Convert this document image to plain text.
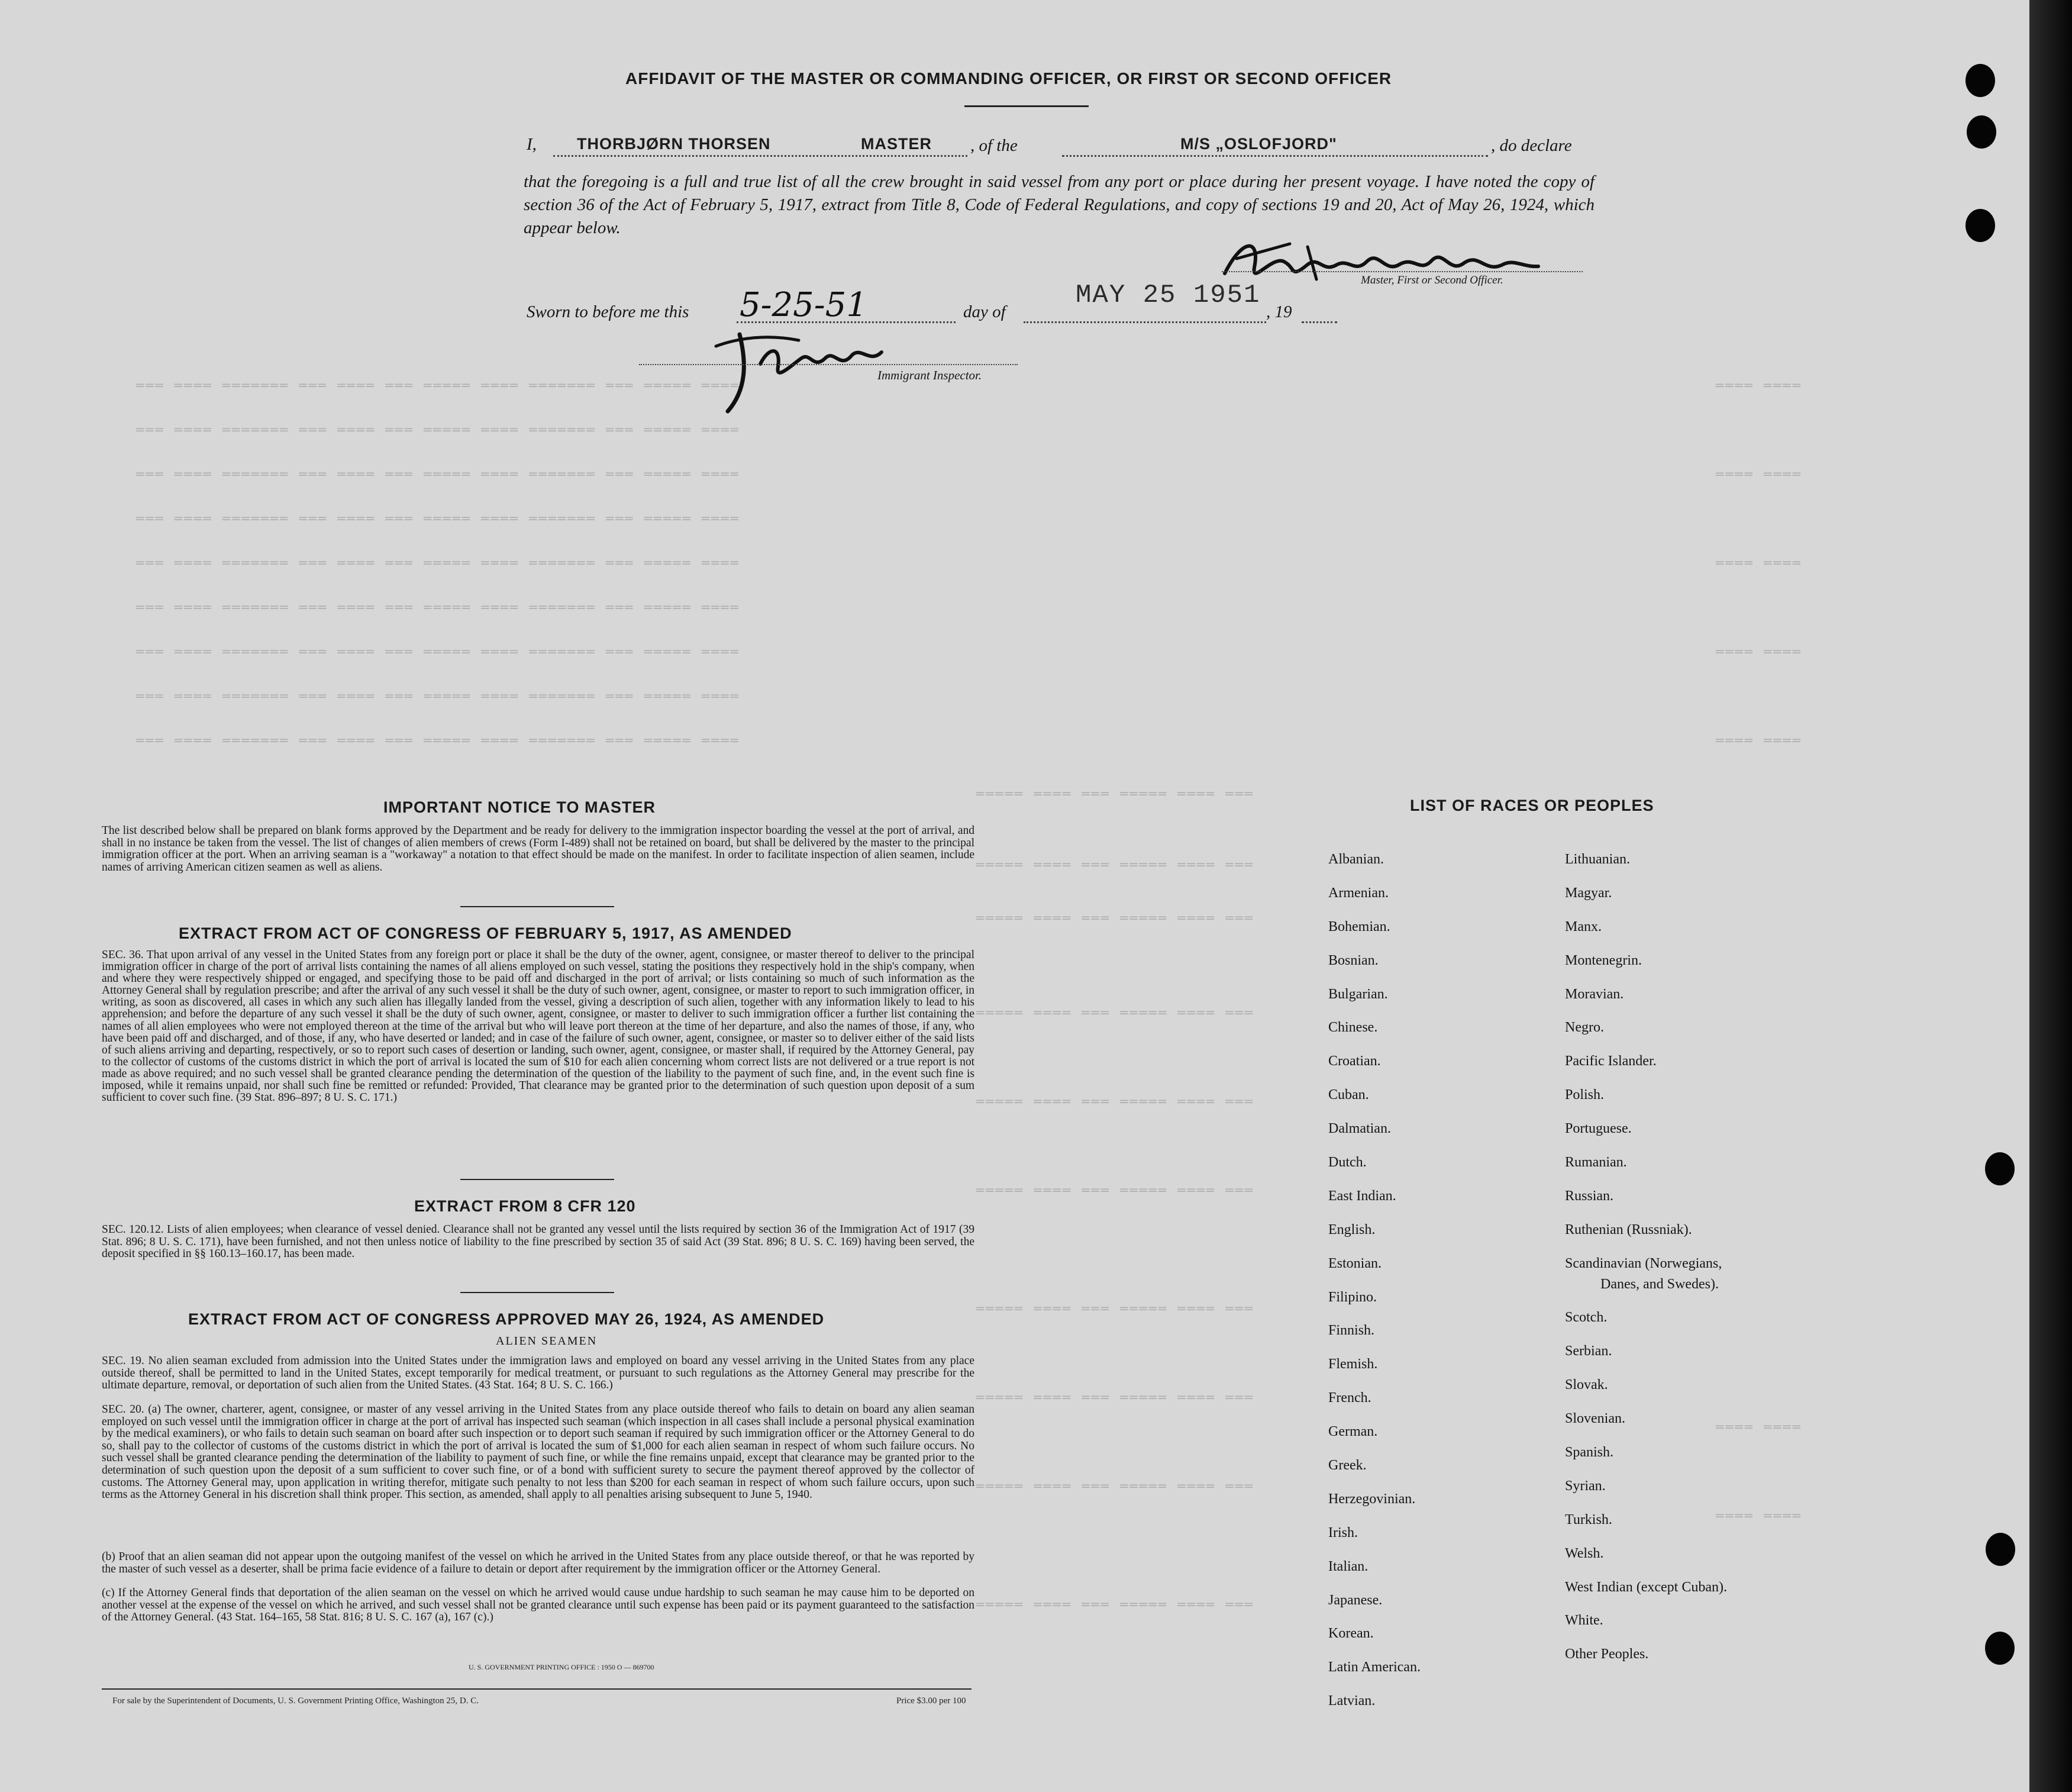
═══ ════ ═══════ ═══ ════ ═══ ═════ ════ ═══════ ═══ ═════ ════
═══ ════ ═══════ ═══ ════ ═══ ═════ ════ ═══════ ═══ ═════ ════
═══ ════ ═══════ ═══ ════ ═══ ═════ ════ ═══════ ═══ ═════ ════
═══ ════ ═══════ ═══ ════ ═══ ═════ ════ ═══════ ═══ ═════ ════
═══ ════ ═══════ ═══ ════ ═══ ═════ ════ ═══════ ═══ ═════ ════
═══ ════ ═══════ ═══ ════ ═══ ═════ ════ ═══════ ═══ ═════ ════
═══ ════ ═══════ ═══ ════ ═══ ═════ ════ ═══════ ═══ ═════ ════
═══ ════ ═══════ ═══ ════ ═══ ═════ ════ ═══════ ═══ ═════ ════
═══ ════ ═══════ ═══ ════ ═══ ═════ ════ ═══════ ═══ ═════ ════
═════ ════ ═══ ═════ ════ ═══
═════ ════ ═══ ═════ ════ ═══
═════ ════ ═══ ═════ ════ ═══
═════ ════ ═══ ═════ ════ ═══
═════ ════ ═══ ═════ ════ ═══
═════ ════ ═══ ═════ ════ ═══
═════ ════ ═══ ═════ ════ ═══
═════ ════ ═══ ═════ ════ ═══
═════ ════ ═══ ═════ ════ ═══
═════ ════ ═══ ═════ ════ ═══
════ ════
════ ════
════ ════
════ ════
════ ════
════ ════
════ ════
AFFIDAVIT OF THE MASTER OR COMMANDING OFFICER, OR FIRST OR SECOND OFFICER
I,	THORBJØRN THORSEN	MASTER , of the	M/S „OSLOFJORD"	, do declare
that the foregoing is a full and true list of all the crew brought in said vessel from any port or place during her present voyage. I have noted the copy of section 36 of the Act of February 5, 1917, extract from Title 8, Code of Federal Regulations, and copy of sections 19 and 20, Act of May 26, 1924, which appear below.
Master, First or Second Officer.
Sworn to before me this 5-25-51	day of
MAY 25 1951
, 19
Immigrant Inspector.
IMPORTANT NOTICE TO MASTER
The list described below shall be prepared on blank forms approved by the Department and be ready for delivery to the immigration inspector boarding the vessel at the port of arrival, and shall in no instance be taken from the vessel. The list of changes of alien members of crews (Form I-489) shall not be retained on board, but shall be delivered by the master to the principal immigration officer at the port. When an arriving seaman is a "workaway" a notation to that effect should be made on the manifest. In order to facilitate inspection of alien seamen, include names of arriving American citizen seamen as well as aliens.
EXTRACT FROM ACT OF CONGRESS OF FEBRUARY 5, 1917, AS AMENDED
SEC. 36. That upon arrival of any vessel in the United States from any foreign port or place it shall be the duty of the owner, agent, consignee, or master thereof to deliver to the principal immigration officer in charge of the port of arrival lists containing the names of all aliens employed on such vessel, stating the positions they respectively hold in the ship's company, when and where they were respectively shipped or engaged, and specifying those to be paid off and discharged in the port of arrival; or lists containing so much of such information as the Attorney General shall by regulation prescribe; and after the arrival of any such vessel it shall be the duty of such owner, agent, consignee, or master to report to such immigration officer, in writing, as soon as discovered, all cases in which any such alien has illegally landed from the vessel, giving a description of such alien, together with any information likely to lead to his apprehension; and before the departure of any such vessel it shall be the duty of such owner, agent, consignee, or master to deliver to such immigration officer a further list containing the names of all alien employees who were not employed thereon at the time of the arrival but who will leave port thereon at the time of her departure, and also the names of those, if any, who have been paid off and discharged, and of those, if any, who have deserted or landed; and in case of the failure of such owner, agent, consignee, or master so to deliver either of the said lists of such aliens arriving and departing, respectively, or so to report such cases of desertion or landing, such owner, agent, consignee, or master shall, if required by the Attorney General, pay to the collector of customs of the customs district in which the port of arrival is located the sum of $10 for each alien concerning whom correct lists are not delivered or a true report is not made as above required; and no such vessel shall be granted clearance pending the determination of the question of the liability to the payment of such fine, and, in the event such fine is imposed, while it remains unpaid, nor shall such fine be remitted or refunded: Provided, That clearance may be granted prior to the determination of such question upon deposit of a sum sufficient to cover such fine. (39 Stat. 896–897; 8 U. S. C. 171.)
EXTRACT FROM 8 CFR 120
SEC. 120.12. Lists of alien employees; when clearance of vessel denied. Clearance shall not be granted any vessel until the lists required by section 36 of the Immigration Act of 1917 (39 Stat. 896; 8 U. S. C. 171), have been furnished, and not then unless notice of liability to the fine prescribed by section 35 of said Act (39 Stat. 896; 8 U. S. C. 169) having been served, the deposit specified in §§ 160.13–160.17, has been made.
EXTRACT FROM ACT OF CONGRESS APPROVED MAY 26, 1924, AS AMENDED
ALIEN SEAMEN
SEC. 19. No alien seaman excluded from admission into the United States under the immigration laws and employed on board any vessel arriving in the United States from any place outside thereof, shall be permitted to land in the United States, except temporarily for medical treatment, or pursuant to such regulations as the Attorney General may prescribe for the ultimate departure, removal, or deportation of such alien from the United States. (43 Stat. 164; 8 U. S. C. 166.)
SEC. 20. (a) The owner, charterer, agent, consignee, or master of any vessel arriving in the United States from any place outside thereof who fails to detain on board any alien seaman employed on such vessel until the immigration officer in charge at the port of arrival has inspected such seaman (which inspection in all cases shall include a personal physical examination by the medical examiners), or who fails to detain such seaman on board after such inspection or to deport such seaman if required by such immigration officer or the Attorney General to do so, shall pay to the collector of customs of the customs district in which the port of arrival is located the sum of $1,000 for each alien seaman in respect of whom such failure occurs. No such vessel shall be granted clearance pending the determination of the liability to payment of such fine, or while the fine remains unpaid, except that clearance may be granted prior to the determination of such question upon the deposit of a sum sufficient to cover such fine, or of a bond with sufficient surety to secure the payment thereof approved by the collector of customs. The Attorney General may, upon application in writing therefor, mitigate such penalty to not less than $200 for each seaman in respect of whom such failure occurs, upon such terms as the Attorney General in his discretion shall think proper. This section, as amended, shall apply to all penalties arising subsequent to June 5, 1940.
(b) Proof that an alien seaman did not appear upon the outgoing manifest of the vessel on which he arrived in the United States from any place outside thereof, or that he was reported by the master of such vessel as a deserter, shall be prima facie evidence of a failure to detain or deport after requirement by the immigration officer or the Attorney General.
(c) If the Attorney General finds that deportation of the alien seaman on the vessel on which he arrived would cause undue hardship to such seaman he may cause him to be deported on another vessel at the expense of the vessel on which he arrived, and such vessel shall not be granted clearance until such expense has been paid or its payment guaranteed to the satisfaction of the Attorney General. (43 Stat. 164–165, 58 Stat. 816; 8 U. S. C. 167 (a), 167 (c).)
LIST OF RACES OR PEOPLES
Albanian.
Armenian.
Bohemian.
Bosnian.
Bulgarian.
Chinese.
Croatian.
Cuban.
Dalmatian.
Dutch.
East Indian.
English.
Estonian.
Filipino.
Finnish.
Flemish.
French.
German.
Greek.
Herzegovinian.
Irish.
Italian.
Japanese.
Korean.
Latin American.
Latvian.
Lithuanian.
Magyar.
Manx.
Montenegrin.
Moravian.
Negro.
Pacific Islander.
Polish.
Portuguese.
Rumanian.
Russian.
Ruthenian (Russniak).
Scandinavian (Norwegians,
Danes, and Swedes).
Scotch.
Serbian.
Slovak.
Slovenian.
Spanish.
Syrian.
Turkish.
Welsh.
West Indian (except Cuban).
White.
Other Peoples.
U. S. GOVERNMENT PRINTING OFFICE : 1950 O — 869700
For sale by the Superintendent of Documents, U. S. Government Printing Office, Washington 25, D. C.	Price $3.00 per 100
